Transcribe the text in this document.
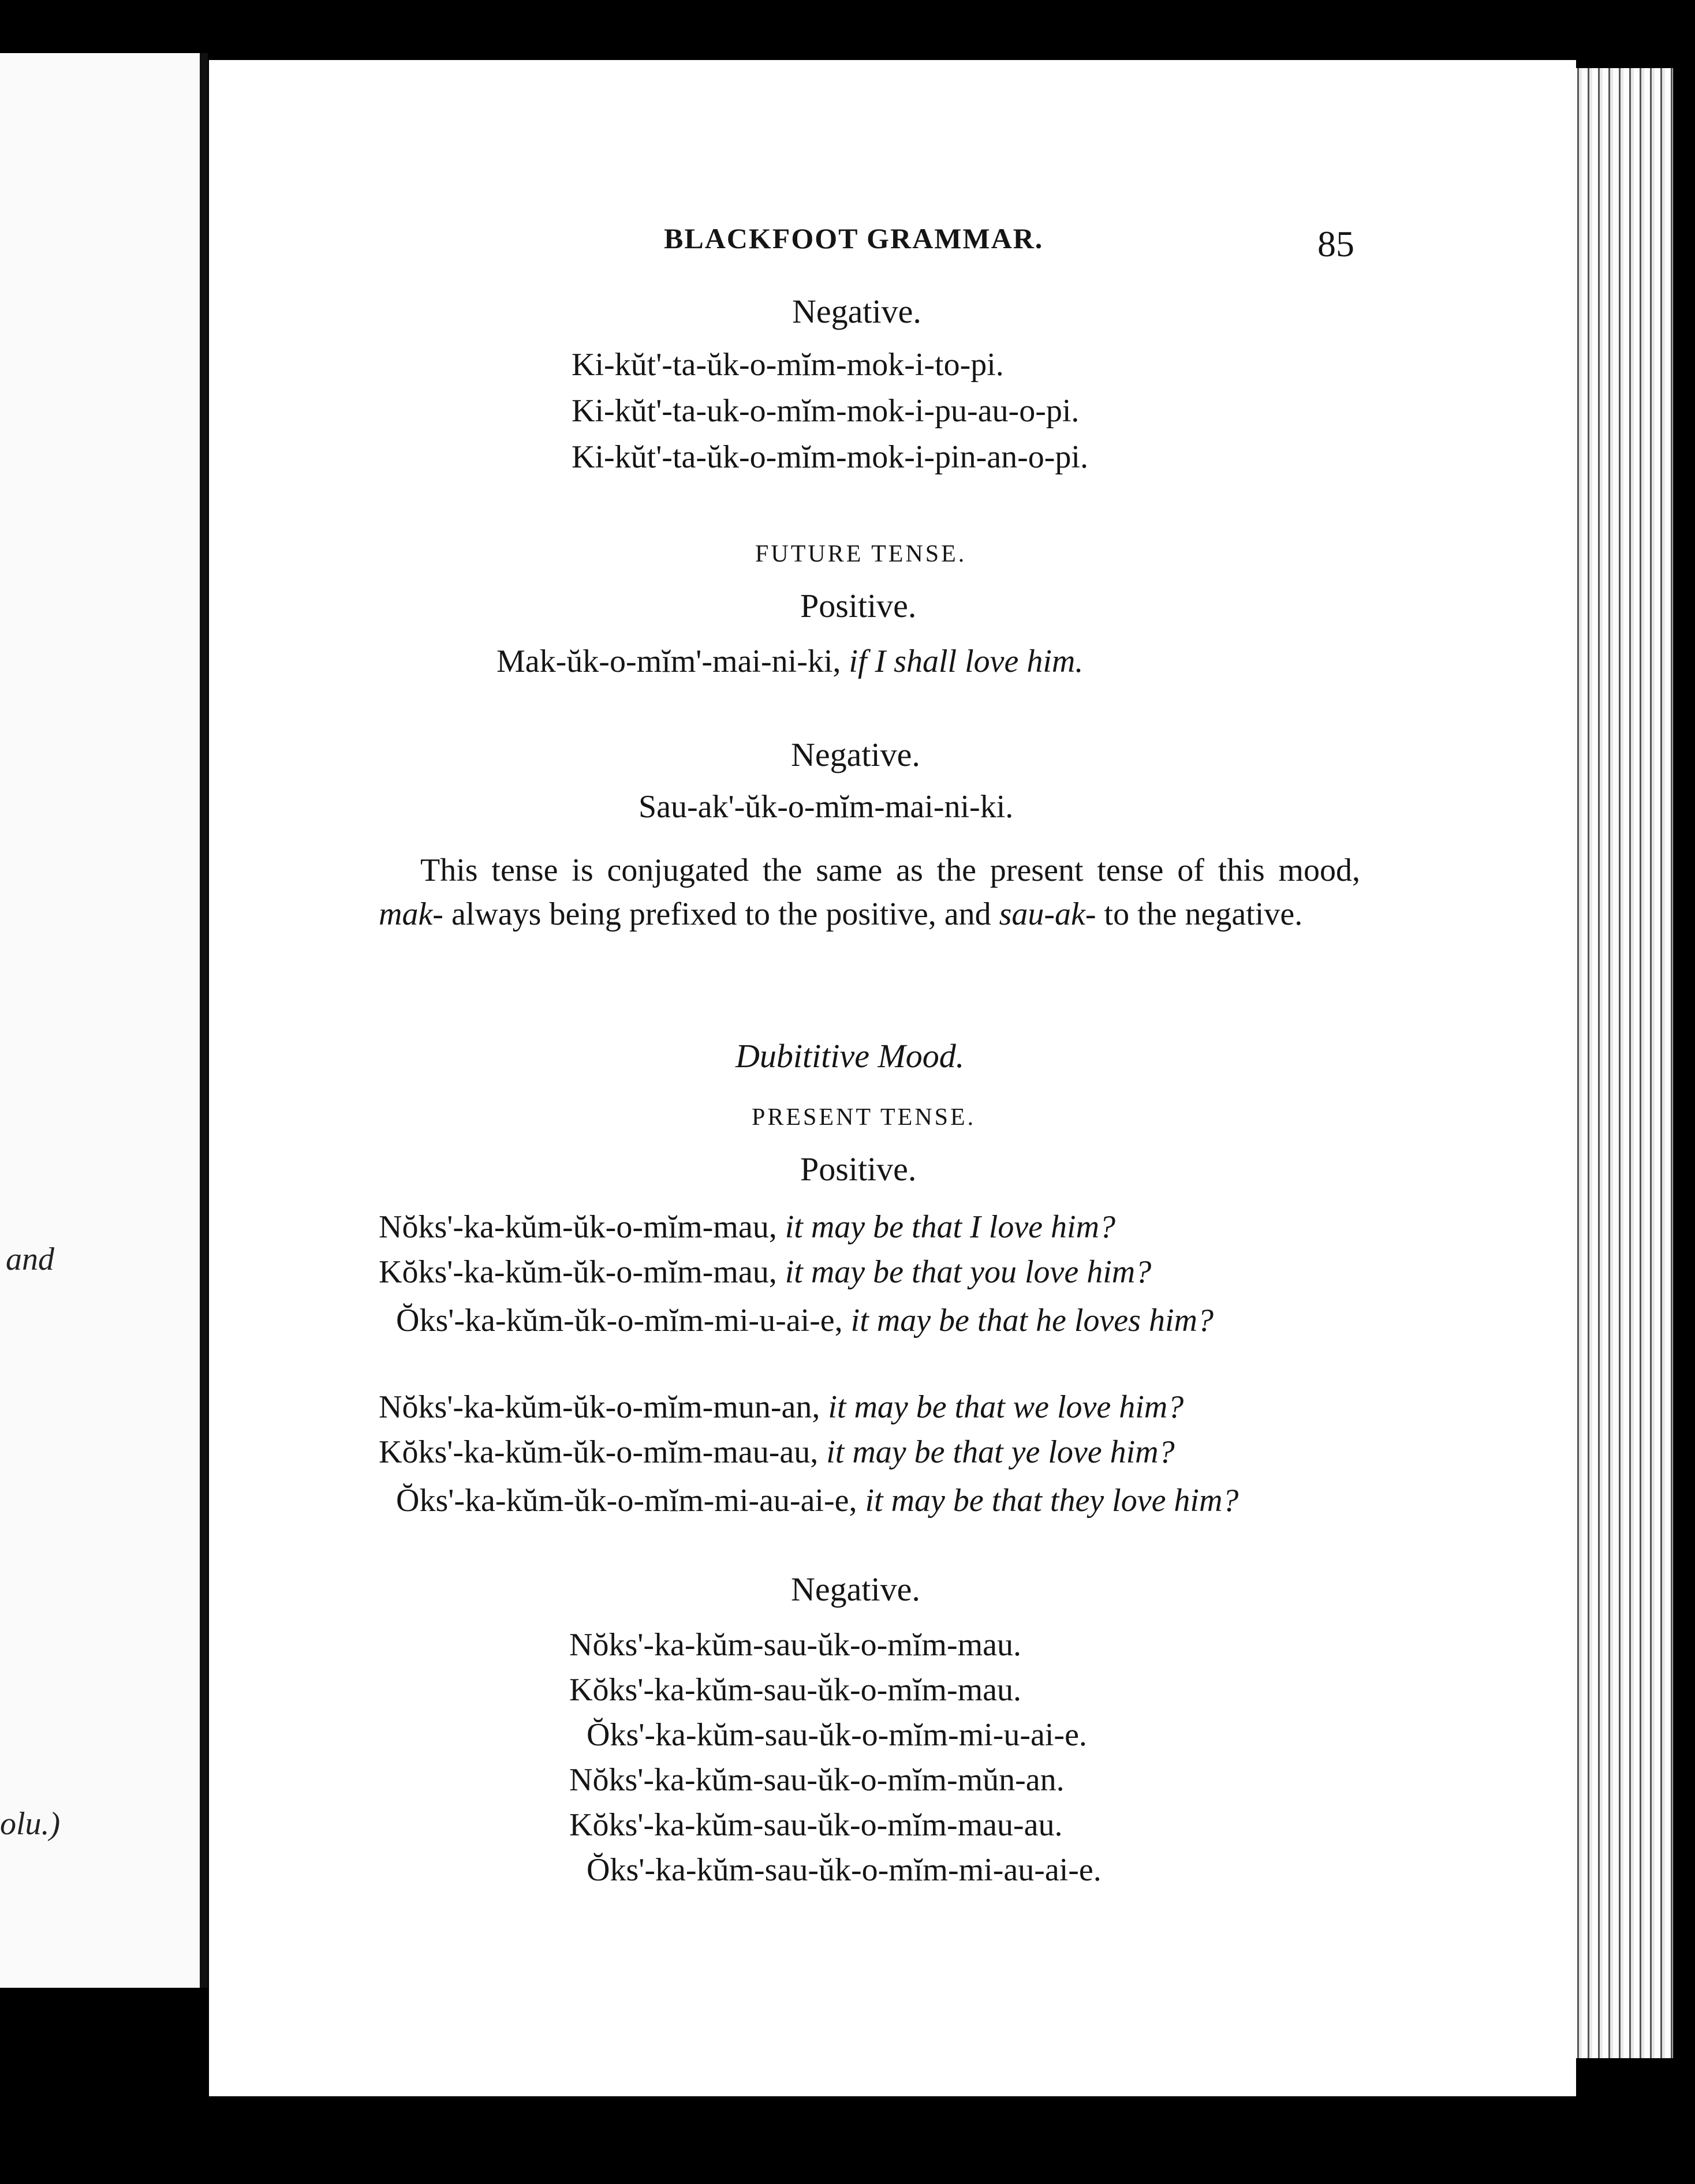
and
olu.)
BLACKFOOT GRAMMAR.	85
Negative.
Ki-kŭt'-ta-ŭk-o-mĭm-mok-i-to-pi.
Ki-kŭt'-ta-uk-o-mĭm-mok-i-pu-au-o-pi.
Ki-kŭt'-ta-ŭk-o-mĭm-mok-i-pin-an-o-pi.
FUTURE TENSE.
Positive.
Mak-ŭk-o-mĭm'-mai-ni-ki, if I shall love him.
Negative.
Sau-ak'-ŭk-o-mĭm-mai-ni-ki.
This tense is conjugated the same as the present tense of this mood, mak- always being prefixed to the positive, and sau-ak- to the negative.
Dubititive Mood.
PRESENT TENSE.
Positive.
Nŏks'-ka-kŭm-ŭk-o-mĭm-mau, it may be that I love him?
Kŏks'-ka-kŭm-ŭk-o-mĭm-mau, it may be that you love him?
Ŏks'-ka-kŭm-ŭk-o-mĭm-mi-u-ai-e, it may be that he loves him?
Nŏks'-ka-kŭm-ŭk-o-mĭm-mun-an, it may be that we love him?
Kŏks'-ka-kŭm-ŭk-o-mĭm-mau-au, it may be that ye love him?
Ŏks'-ka-kŭm-ŭk-o-mĭm-mi-au-ai-e, it may be that they love him?
Negative.
Nŏks'-ka-kŭm-sau-ŭk-o-mĭm-mau.
Kŏks'-ka-kŭm-sau-ŭk-o-mĭm-mau.
Ŏks'-ka-kŭm-sau-ŭk-o-mĭm-mi-u-ai-e.
Nŏks'-ka-kŭm-sau-ŭk-o-mĭm-mŭn-an.
Kŏks'-ka-kŭm-sau-ŭk-o-mĭm-mau-au.
Ŏks'-ka-kŭm-sau-ŭk-o-mĭm-mi-au-ai-e.
